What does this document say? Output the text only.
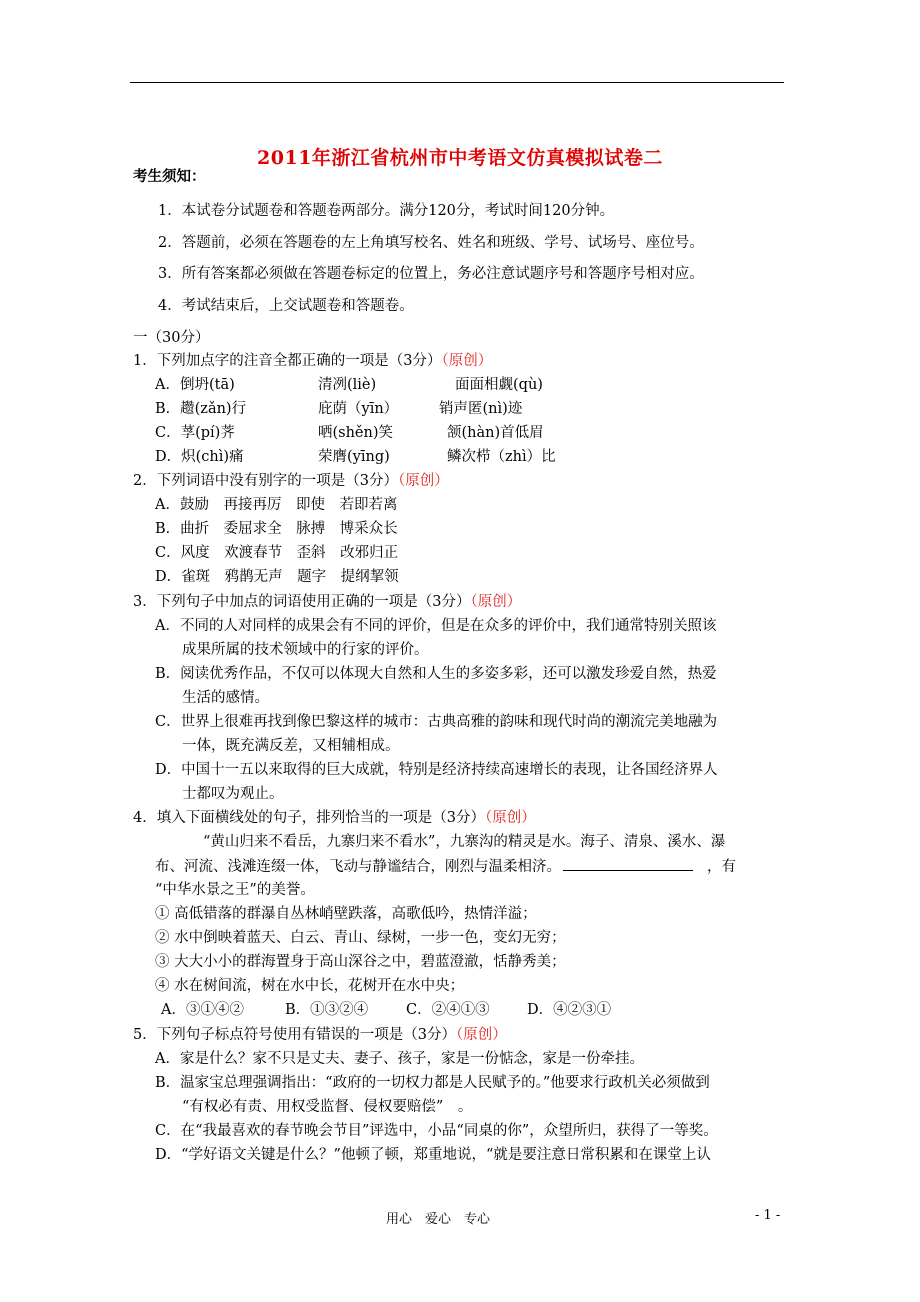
2011年浙江省杭州市中考语文仿真模拟试卷二
考生须知：
1．本试卷分试题卷和答题卷两部分。满分120分，考试时间120分钟。
2．答题前，必须在答题卷的左上角填写校名、姓名和班级、学号、试场号、座位号。
3．所有答案都必须做在答题卷标定的位置上，务必注意试题序号和答题序号相对应。
4．考试结束后，上交试题卷和答题卷。
一（30分）
1．下列加点字的注音全都正确的一项是（3分）（原创）
A．倒坍(tā)	清冽(liè)	面面相觑(qù)
B．趱(zǎn)行	庇荫（yīn）	销声匿(nì)迹
C．莩(pí)荠	哂(shěn)笑	颔(hàn)首低眉
D．炽(chì)痛	荣膺(yīng)	鳞次栉（zhì）比
2．下列词语中没有别字的一项是（3分）（原创）
A．鼓励　再接再厉　即使　若即若离
B．曲折　委屈求全　脉搏　博采众长
C．风度　欢渡春节　歪斜　改邪归正
D．雀斑　鸦鹊无声　题字　提纲挈领
3．下列句子中加点的词语使用正确的一项是（3分）（原创）
A．不同的人对同样的成果会有不同的评价，但是在众多的评价中，我们通常特别关照该
成果所属的技术领域中的行家的评价。
B．阅读优秀作品，不仅可以体现大自然和人生的多姿多彩，还可以激发珍爱自然，热爱
生活的感情。
C．世界上很难再找到像巴黎这样的城市：古典高雅的韵味和现代时尚的潮流完美地融为
一体，既充满反差，又相辅相成。
D．中国十一五以来取得的巨大成就，特别是经济持续高速增长的表现，让各国经济界人
士都叹为观止。
4．填入下面横线处的句子，排列恰当的一项是（3分）（原创）
“黄山归来不看岳，九寨归来不看水”，九寨沟的精灵是水。海子、清泉、溪水、瀑
布、河流、浅滩连缀一体，飞动与静谧结合，刚烈与温柔相济。	，有
“中华水景之王”的美誉。
① 高低错落的群瀑自丛林峭壁跌落，高歌低吟，热情洋溢；
② 水中倒映着蓝天、白云、青山、绿树，一步一色，变幻无穷；
③ 大大小小的群海置身于高山深谷之中，碧蓝澄澈，恬静秀美；
④ 水在树间流，树在水中长，花树开在水中央；
A．③①④②	B．①③②④	C．②④①③	D．④②③①
5．下列句子标点符号使用有错误的一项是（3分）（原创）
A．家是什么？家不只是丈夫、妻子、孩子，家是一份惦念，家是一份牵挂。
B．温家宝总理强调指出：“政府的一切权力都是人民赋予的。”他要求行政机关必须做到
“有权必有责、用权受监督、侵权要赔偿”　。
C．在“我最喜欢的春节晚会节目”评选中，小品“同桌的你”，众望所归，获得了一等奖。
D．“学好语文关键是什么？”他顿了顿，郑重地说，“就是要注意日常积累和在课堂上认
用心　爱心　专心	- 1 -
